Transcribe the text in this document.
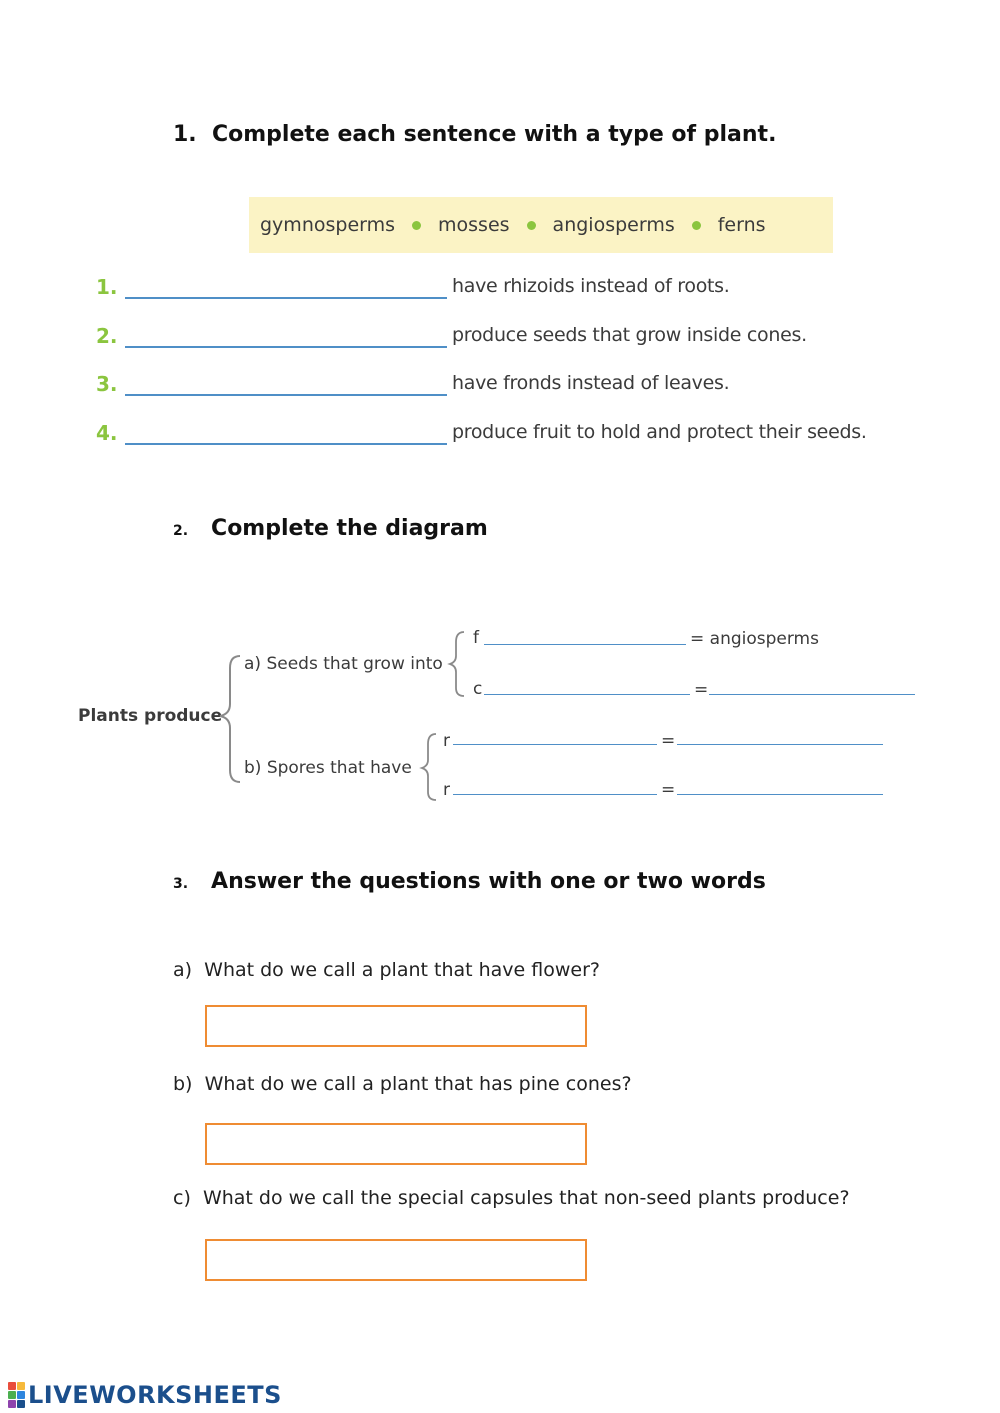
1. Complete each sentence with a type of plant.
gymnosperms mosses angiosperms ferns
1.	have rhizoids instead of roots.
2.	produce seeds that grow inside cones.
3.	have fronds instead of leaves.
4.	produce fruit to hold and protect their seeds.
2. Complete the diagram
Plants produce
a) Seeds that grow into
b) Spores that have
f	= angiosperms
c	=
r	=
r	=
3. Answer the questions with one or two words
a) What do we call a plant that have flower?
b) What do we call a plant that has pine cones?
c) What do we call the special capsules that non-seed plants produce?
LIVEWORKSHEETS
